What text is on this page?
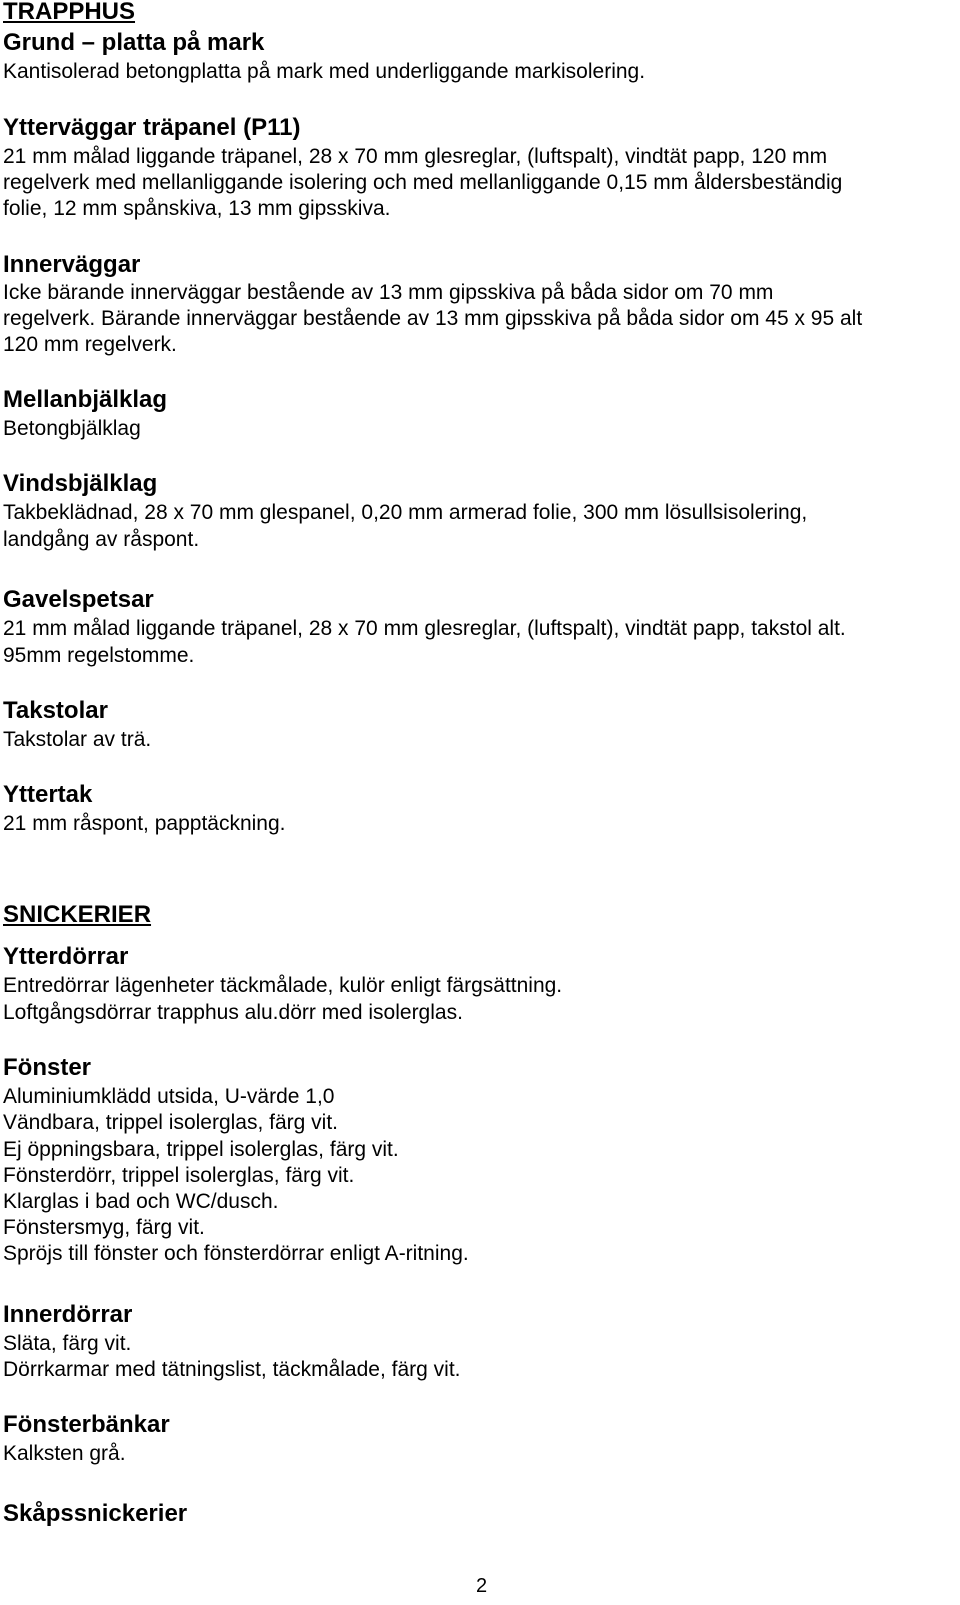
TRAPPHUS
Grund – platta på mark
Kantisolerad betongplatta på mark med underliggande markisolering.
Ytterväggar träpanel (P11)
21 mm målad liggande träpanel, 28 x 70 mm glesreglar, (luftspalt), vindtät papp, 120 mm
regelverk med mellanliggande isolering och med mellanliggande 0,15 mm åldersbeständig
folie, 12 mm spånskiva, 13 mm gipsskiva.
Innerväggar
Icke bärande innerväggar bestående av 13 mm gipsskiva på båda sidor om 70 mm
regelverk. Bärande innerväggar bestående av 13 mm gipsskiva på båda sidor om 45 x 95 alt
120 mm regelverk.
Mellanbjälklag
Betongbjälklag
Vindsbjälklag
Takbeklädnad, 28 x 70 mm glespanel, 0,20 mm armerad folie, 300 mm lösullsisolering,
landgång av råspont.
Gavelspetsar
21 mm målad liggande träpanel, 28 x 70 mm glesreglar, (luftspalt), vindtät papp, takstol alt.
95mm regelstomme.
Takstolar
Takstolar av trä.
Yttertak
21 mm råspont, papptäckning.
SNICKERIER
Ytterdörrar
Entredörrar lägenheter täckmålade, kulör enligt färgsättning.
Loftgångsdörrar trapphus alu.dörr med isolerglas.
Fönster
Aluminiumklädd utsida, U-värde 1,0
Vändbara, trippel isolerglas, färg vit.
Ej öppningsbara, trippel isolerglas, färg vit.
Fönsterdörr, trippel isolerglas, färg vit.
Klarglas i bad och WC/dusch.
Fönstersmyg, färg vit.
Spröjs till fönster och fönsterdörrar enligt A-ritning.
Innerdörrar
Släta, färg vit.
Dörrkarmar med tätningslist, täckmålade, färg vit.
Fönsterbänkar
Kalksten grå.
Skåpssnickerier
2
